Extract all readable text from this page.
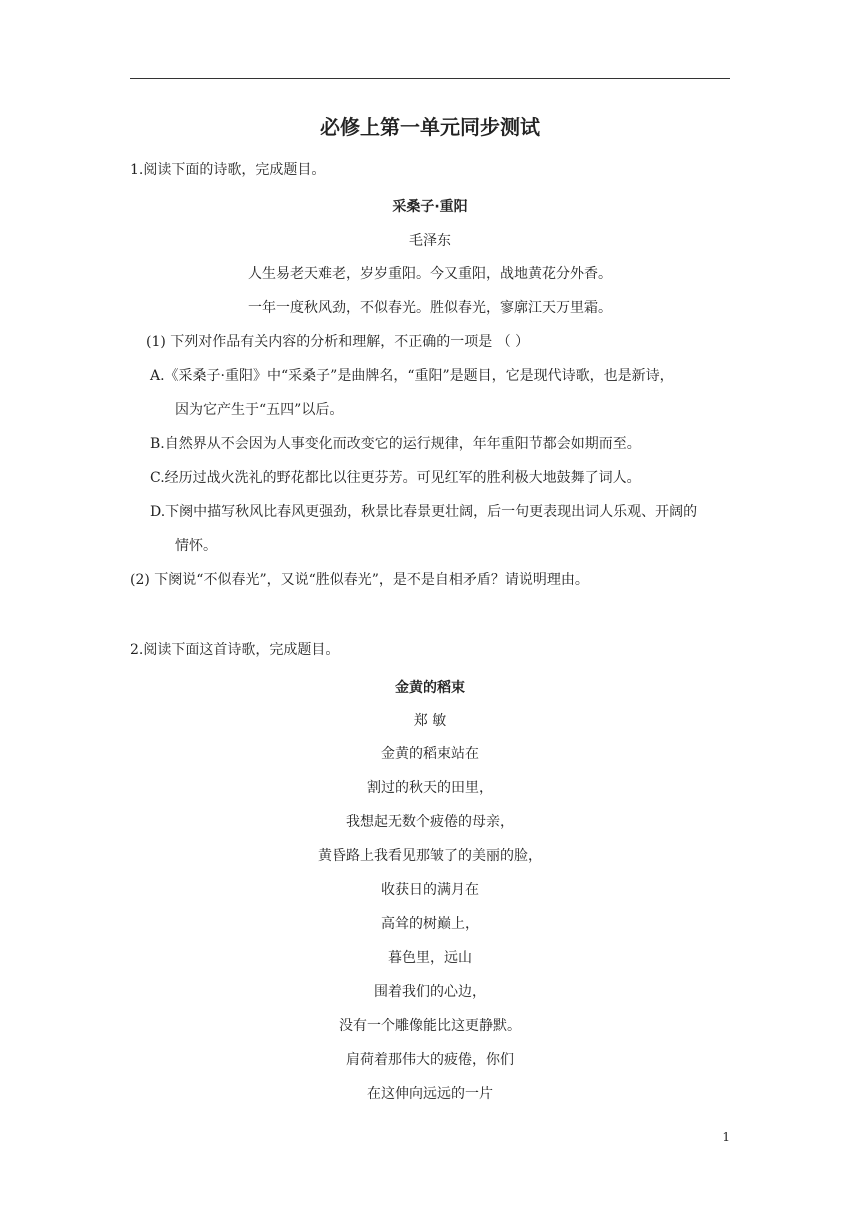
必修上第一单元同步测试
1.阅读下面的诗歌，完成题目。
采桑子·重阳
毛泽东
人生易老天难老，岁岁重阳。今又重阳，战地黄花分外香。
一年一度秋风劲，不似春光。胜似春光，寥廓江天万里霜。
(1) 下列对作品有关内容的分析和理解，不正确的一项是 （ ）
A.《采桑子·重阳》中“采桑子”是曲牌名，“重阳”是题目，它是现代诗歌，也是新诗，
因为它产生于“五四”以后。
B.自然界从不会因为人事变化而改变它的运行规律，年年重阳节都会如期而至。
C.经历过战火洗礼的野花都比以往更芬芳。可见红军的胜利极大地鼓舞了词人。
D.下阕中描写秋风比春风更强劲，秋景比春景更壮阔，后一句更表现出词人乐观、开阔的
情怀。
(2) 下阕说“不似春光”，又说“胜似春光”，是不是自相矛盾？请说明理由。
2.阅读下面这首诗歌，完成题目。
金黄的稻束
郑 敏
金黄的稻束站在
割过的秋天的田里，
我想起无数个疲倦的母亲，
黄昏路上我看见那皱了的美丽的脸，
收获日的满月在
高耸的树巅上，
暮色里，远山
围着我们的心边，
没有一个雕像能比这更静默。
肩荷着那伟大的疲倦，你们
在这伸向远远的一片
1
